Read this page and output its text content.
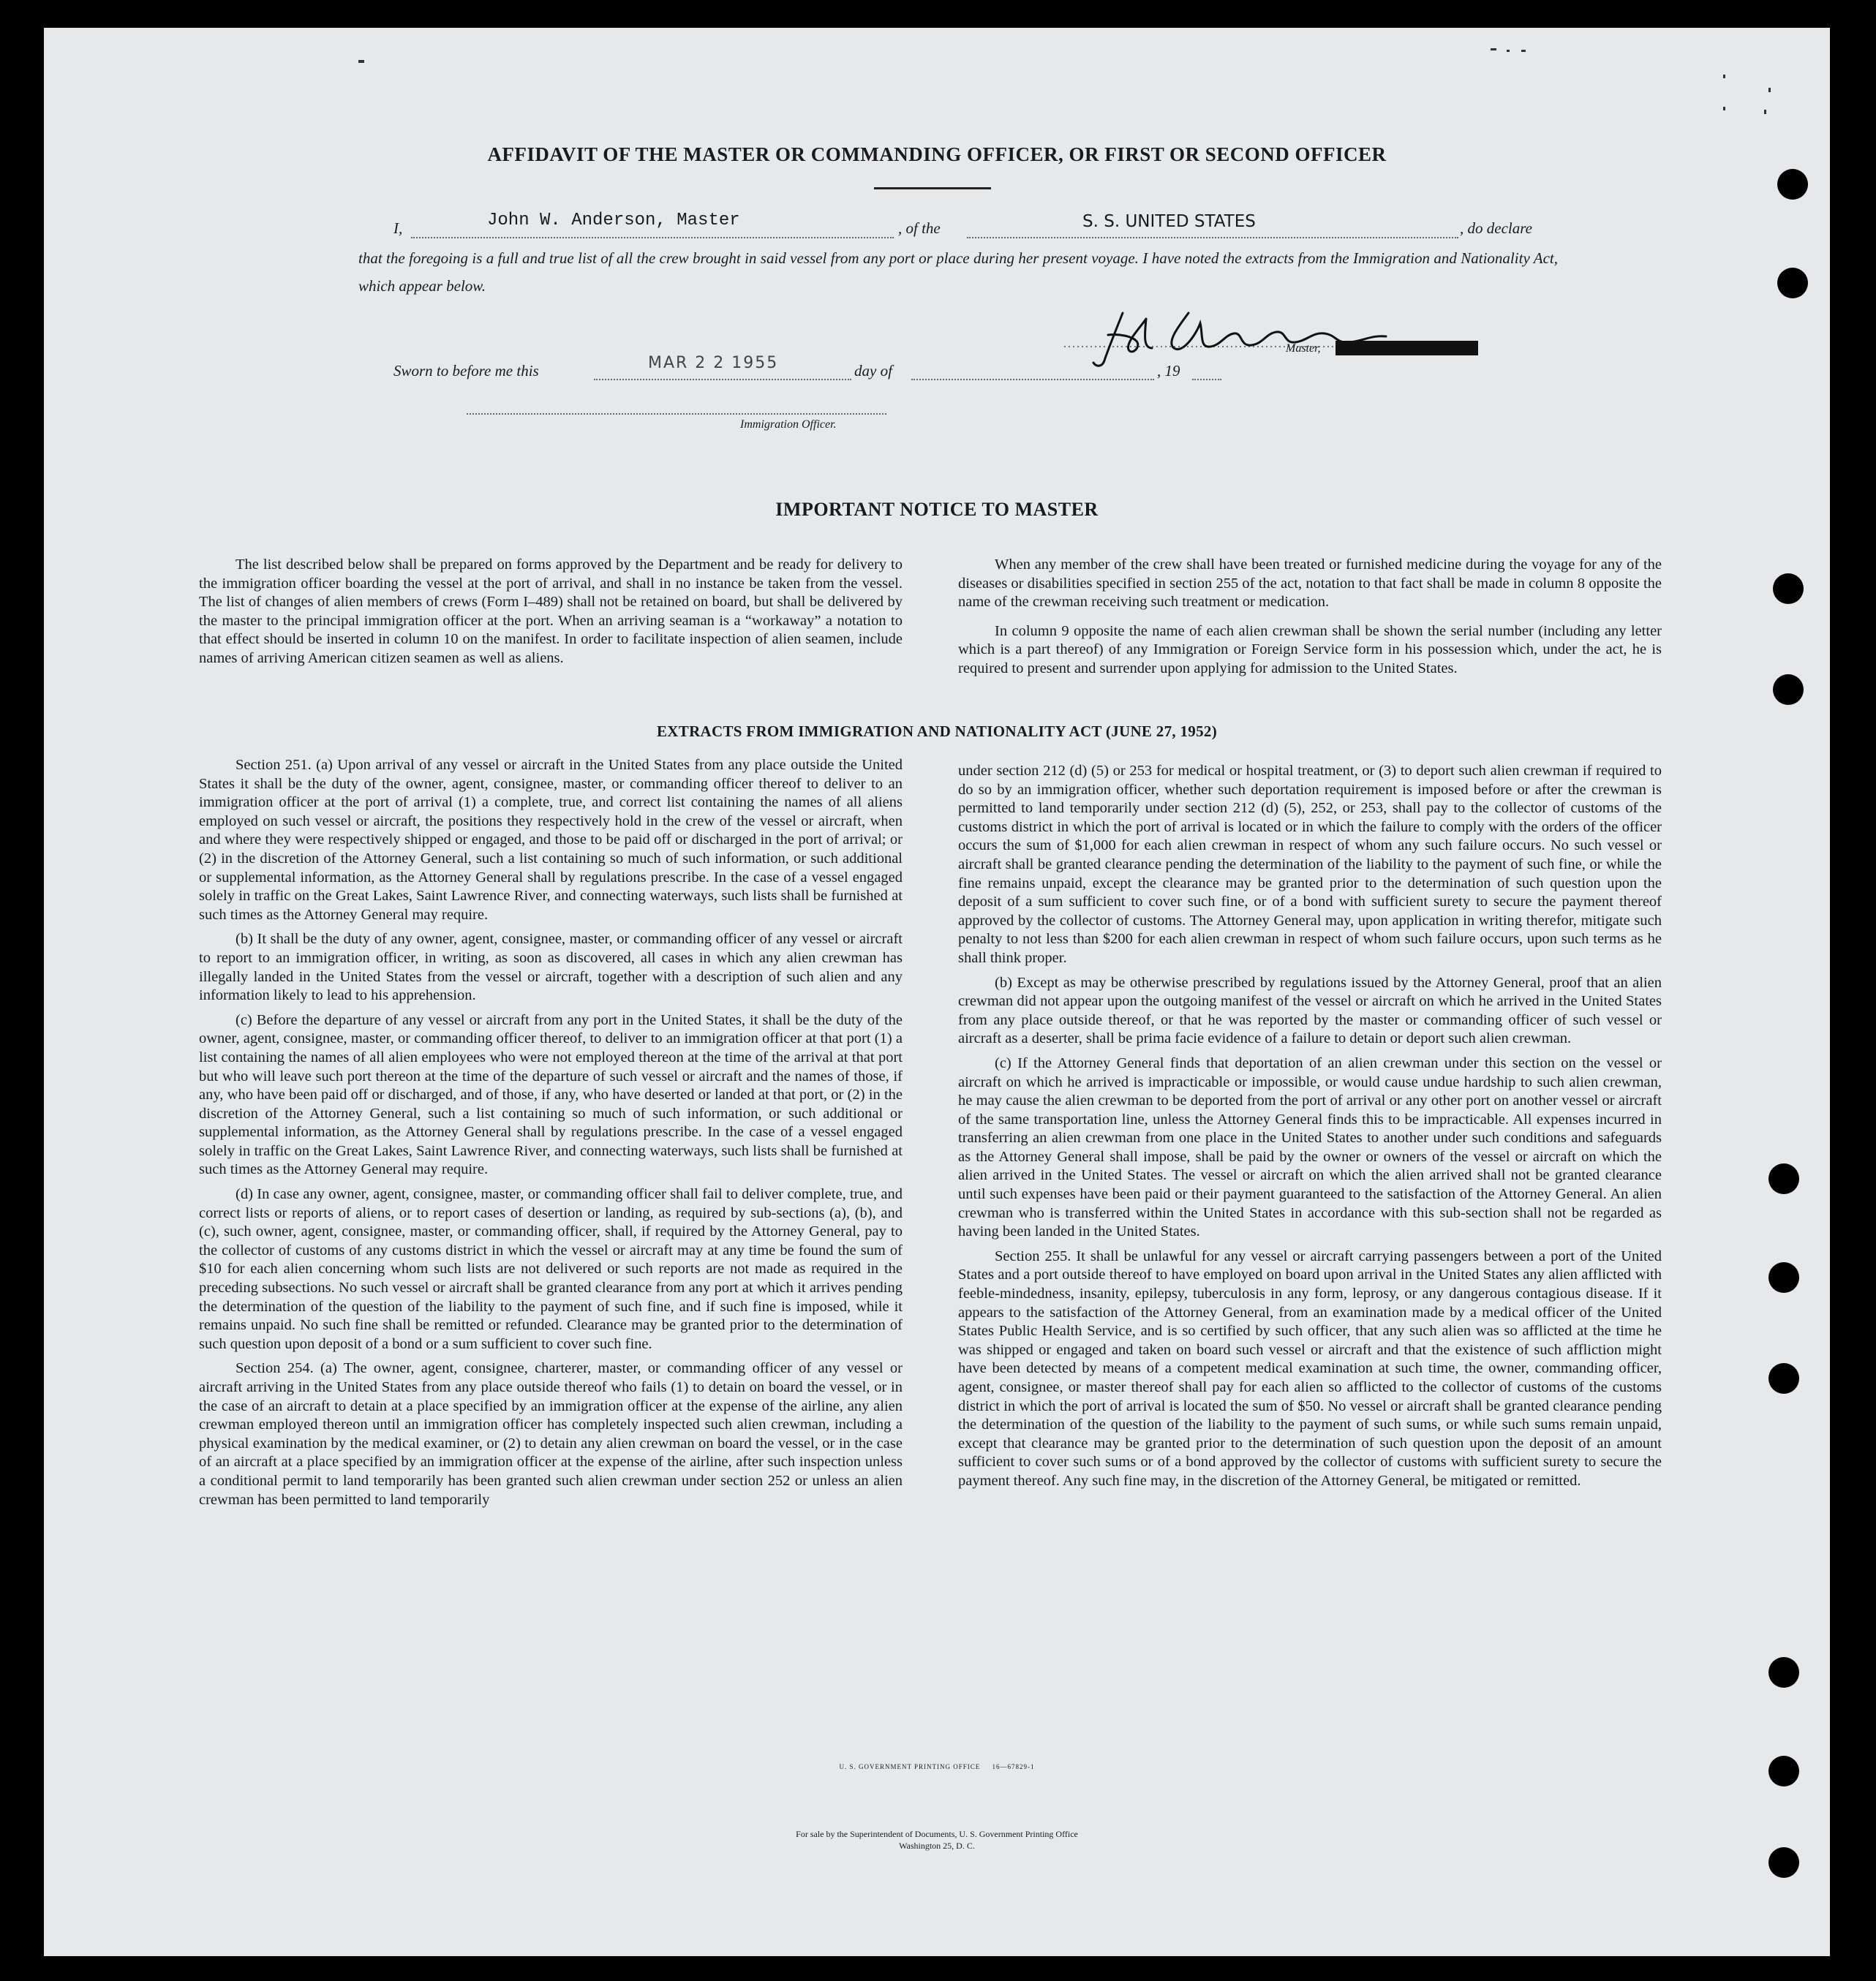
AFFIDAVIT OF THE MASTER OR COMMANDING OFFICER, OR FIRST OR SECOND OFFICER
I,	John W. Anderson, Master	, of the	S. S. UNITED STATES	, do declare
that the foregoing is a full and true list of all the crew brought in said vessel from any port or place during her present voyage. I have noted the extracts from the Immigration and Nationality Act, which appear below.
Master,
Sworn to before me this	MAR 2 2 1955	day of	, 19
Immigration Officer.
IMPORTANT NOTICE TO MASTER

The list described below shall be prepared on forms approved by the Department and be ready for delivery to the immigration officer boarding the vessel at the port of arrival, and shall in no instance be taken from the vessel. The list of changes of alien members of crews (Form I–489) shall not be retained on board, but shall be delivered by the master to the principal immigration officer at the port. When an arriving seaman is a “workaway” a notation to that effect should be inserted in column 10 on the manifest. In order to facilitate inspection of alien seamen, include names of arriving American citizen seamen as well as aliens.

When any member of the crew shall have been treated or furnished medicine during the voyage for any of the diseases or disabilities specified in section 255 of the act, notation to that fact shall be made in column 8 opposite the name of the crewman receiving such treatment or medication.

In column 9 opposite the name of each alien crewman shall be shown the serial number (including any letter which is a part thereof) of any Immigration or Foreign Service form in his possession which, under the act, he is required to present and surrender upon applying for admission to the United States.

EXTRACTS FROM IMMIGRATION AND NATIONALITY ACT (JUNE 27, 1952)

Section 251. (a) Upon arrival of any vessel or aircraft in the United States from any place outside the United States it shall be the duty of the owner, agent, consignee, master, or commanding officer thereof to deliver to an immigration officer at the port of arrival (1) a complete, true, and correct list containing the names of all aliens employed on such vessel or aircraft, the positions they respectively hold in the crew of the vessel or aircraft, when and where they were respectively shipped or engaged, and those to be paid off or discharged in the port of arrival; or (2) in the discretion of the Attorney General, such a list containing so much of such information, or such additional or supplemental information, as the Attorney General shall by regulations prescribe. In the case of a vessel engaged solely in traffic on the Great Lakes, Saint Lawrence River, and connecting waterways, such lists shall be furnished at such times as the Attorney General may require.

(b) It shall be the duty of any owner, agent, consignee, master, or commanding officer of any vessel or aircraft to report to an immigration officer, in writing, as soon as discovered, all cases in which any alien crewman has illegally landed in the United States from the vessel or aircraft, together with a description of such alien and any information likely to lead to his apprehension.

(c) Before the departure of any vessel or aircraft from any port in the United States, it shall be the duty of the owner, agent, consignee, master, or commanding officer thereof, to deliver to an immigration officer at that port (1) a list containing the names of all alien employees who were not employed thereon at the time of the arrival at that port but who will leave such port thereon at the time of the departure of such vessel or aircraft and the names of those, if any, who have been paid off or discharged, and of those, if any, who have deserted or landed at that port, or (2) in the discretion of the Attorney General, such a list containing so much of such information, or such additional or supplemental information, as the Attorney General shall by regulations prescribe. In the case of a vessel engaged solely in traffic on the Great Lakes, Saint Lawrence River, and connecting waterways, such lists shall be furnished at such times as the Attorney General may require.

(d) In case any owner, agent, consignee, master, or commanding officer shall fail to deliver complete, true, and correct lists or reports of aliens, or to report cases of desertion or landing, as required by sub-sections (a), (b), and (c), such owner, agent, consignee, master, or commanding officer, shall, if required by the Attorney General, pay to the collector of customs of any customs district in which the vessel or aircraft may at any time be found the sum of $10 for each alien concerning whom such lists are not delivered or such reports are not made as required in the preceding subsections. No such vessel or aircraft shall be granted clearance from any port at which it arrives pending the determination of the question of the liability to the payment of such fine, and if such fine is imposed, while it remains unpaid. No such fine shall be remitted or refunded. Clearance may be granted prior to the determination of such question upon deposit of a bond or a sum sufficient to cover such fine.

Section 254. (a) The owner, agent, consignee, charterer, master, or commanding officer of any vessel or aircraft arriving in the United States from any place outside thereof who fails (1) to detain on board the vessel, or in the case of an aircraft to detain at a place specified by an immigration officer at the expense of the airline, any alien crewman employed thereon until an immigration officer has completely inspected such alien crewman, including a physical examination by the medical examiner, or (2) to detain any alien crewman on board the vessel, or in the case of an aircraft at a place specified by an immigration officer at the expense of the airline, after such inspection unless a conditional permit to land temporarily has been granted such alien crewman under section 252 or unless an alien crewman has been permitted to land temporarily

under section 212 (d) (5) or 253 for medical or hospital treatment, or (3) to deport such alien crewman if required to do so by an immigration officer, whether such deportation requirement is imposed before or after the crewman is permitted to land temporarily under section 212 (d) (5), 252, or 253, shall pay to the collector of customs of the customs district in which the port of arrival is located or in which the failure to comply with the orders of the officer occurs the sum of $1,000 for each alien crewman in respect of whom any such failure occurs. No such vessel or aircraft shall be granted clearance pending the determination of the liability to the payment of such fine, or while the fine remains unpaid, except the clearance may be granted prior to the determination of such question upon the deposit of a sum sufficient to cover such fine, or of a bond with sufficient surety to secure the payment thereof approved by the collector of customs. The Attorney General may, upon application in writing therefor, mitigate such penalty to not less than $200 for each alien crewman in respect of whom such failure occurs, upon such terms as he shall think proper.

(b) Except as may be otherwise prescribed by regulations issued by the Attorney General, proof that an alien crewman did not appear upon the outgoing manifest of the vessel or aircraft on which he arrived in the United States from any place outside thereof, or that he was reported by the master or commanding officer of such vessel or aircraft as a deserter, shall be prima facie evidence of a failure to detain or deport such alien crewman.

(c) If the Attorney General finds that deportation of an alien crewman under this section on the vessel or aircraft on which he arrived is impracticable or impossible, or would cause undue hardship to such alien crewman, he may cause the alien crewman to be deported from the port of arrival or any other port on another vessel or aircraft of the same transportation line, unless the Attorney General finds this to be impracticable. All expenses incurred in transferring an alien crewman from one place in the United States to another under such conditions and safeguards as the Attorney General shall impose, shall be paid by the owner or owners of the vessel or aircraft on which the alien arrived in the United States. The vessel or aircraft on which the alien arrived shall not be granted clearance until such expenses have been paid or their payment guaranteed to the satisfaction of the Attorney General. An alien crewman who is transferred within the United States in accordance with this sub-section shall not be regarded as having been landed in the United States.

Section 255. It shall be unlawful for any vessel or aircraft carrying passengers between a port of the United States and a port outside thereof to have employed on board upon arrival in the United States any alien afflicted with feeble-mindedness, insanity, epilepsy, tuberculosis in any form, leprosy, or any dangerous contagious disease. If it appears to the satisfaction of the Attorney General, from an examination made by a medical officer of the United States Public Health Service, and is so certified by such officer, that any such alien was so afflicted at the time he was shipped or engaged and taken on board such vessel or aircraft and that the existence of such affliction might have been detected by means of a competent medical examination at such time, the owner, commanding officer, agent, consignee, or master thereof shall pay for each alien so afflicted to the collector of customs of the customs district in which the port of arrival is located the sum of $50. No vessel or aircraft shall be granted clearance pending the determination of the question of the liability to the payment of such sums, or while such sums remain unpaid, except that clearance may be granted prior to the determination of such question upon the deposit of an amount sufficient to cover such sums or of a bond approved by the collector of customs with sufficient surety to secure the payment thereof. Any such fine may, in the discretion of the Attorney General, be mitigated or remitted.

U. S. GOVERNMENT PRINTING OFFICE     16—67829-1
For sale by the Superintendent of Documents, U. S. Government Printing Office
Washington 25, D. C.
